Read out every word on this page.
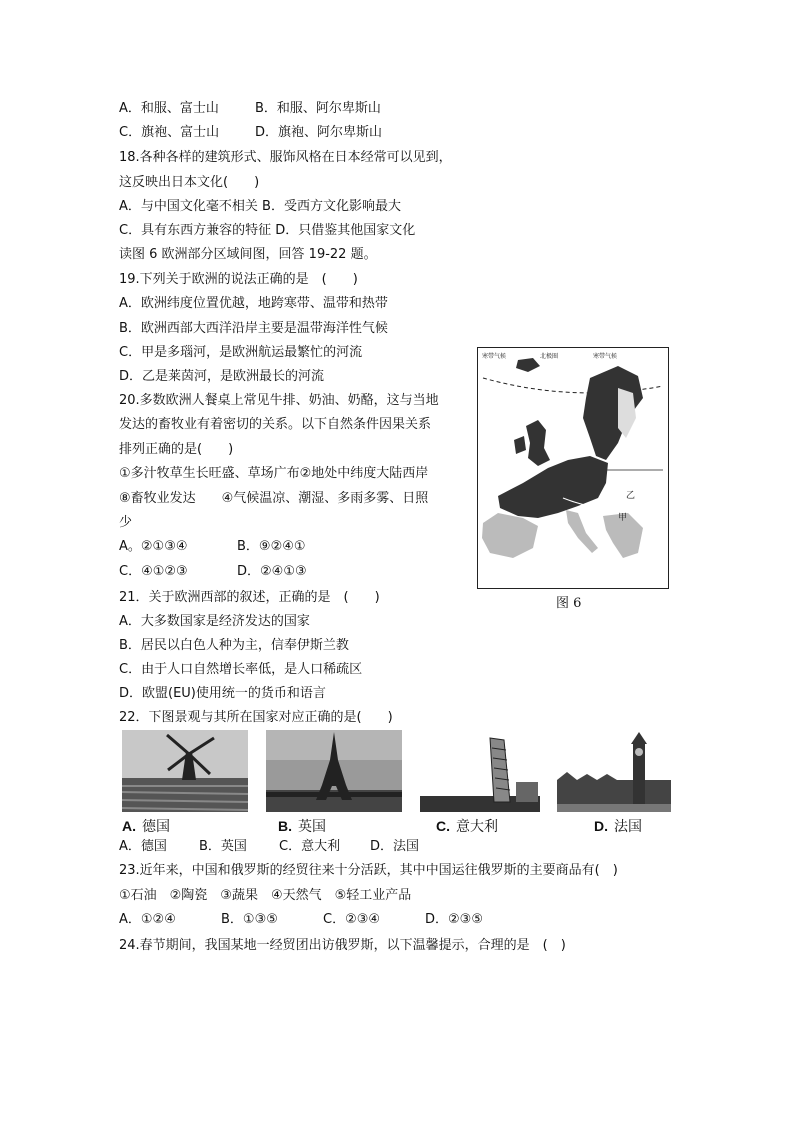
A．和服、富士山	B．和服、阿尔卑斯山
C．旗袍、富士山	D．旗袍、阿尔卑斯山
18.各种各样的建筑形式、服饰风格在日本经常可以见到，
这反映出日本文化(　　)
A．与中国文化毫不相关 B．受西方文化影响最大
C．具有东西方兼容的特征 D．只借鉴其他国家文化
读图 6 欧洲部分区域间图，回答 19-22 题。
19.下列关于欧洲的说法正确的是　(　　)
A．欧洲纬度位置优越，地跨寒带、温带和热带
B．欧洲西部大西洋沿岸主要是温带海洋性气候
C．甲是多瑙河，是欧洲航运最繁忙的河流
D．乙是莱茵河，是欧洲最长的河流
20.多数欧洲人餐桌上常见牛排、奶油、奶酪，这与当地
发达的畜牧业有着密切的关系。以下自然条件因果关系
排列正确的是(　　)
①多汁牧草生长旺盛、草场广布②地处中纬度大陆西岸
⑧畜牧业发达　　④气候温凉、潮湿、多雨多雾、日照
少
A。②①③④	B．⑨②④①
C．④①②③	D．②④①③
甲
乙
寒带气候	北极圈	寒带气候
图 6
21．关于欧洲西部的叙述，正确的是　(　　)
A．大多数国家是经济发达的国家
B．居民以白色人种为主，信奉伊斯兰教
C．由于人口自然增长率低，是人口稀疏区
D．欧盟(EU)使用统一的货币和语言
22．下图景观与其所在国家对应正确的是(　　)
A. 德国	B. 英国	C. 意大利	D. 法国
A．德国 B．英国 C．意大利 D．法国
23.近年来，中国和俄罗斯的经贸往来十分活跃，其中中国运往俄罗斯的主要商品有(　)
①石油　②陶瓷　③蔬果　④天然气　⑤轻工业产品
A．①②④	B．①③⑤	C．②③④	D．②③⑤
24.春节期间，我国某地一经贸团出访俄罗斯，以下温馨提示，合理的是　(　)
